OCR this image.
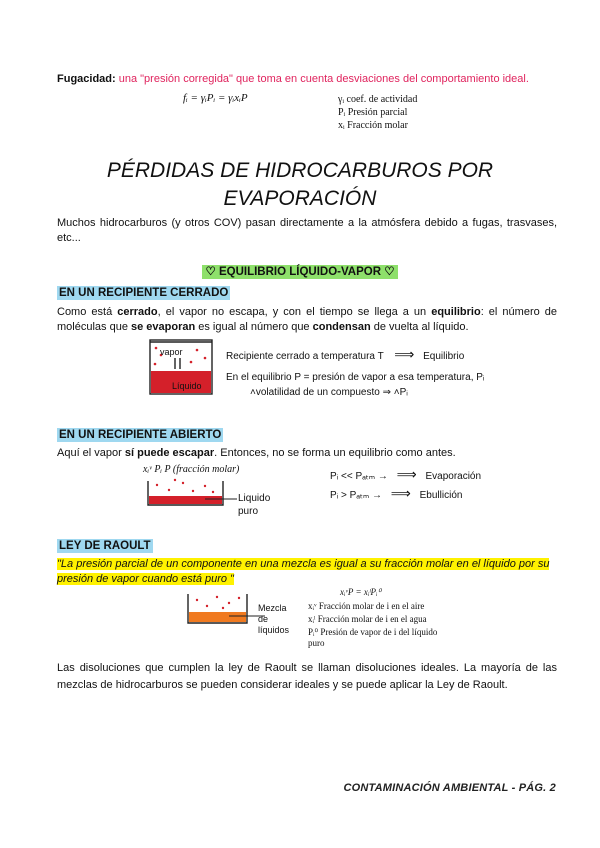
Fugacidad: una "presión corregida" que toma en cuenta desviaciones del comportamiento ideal.
fᵢ = γᵢPᵢ = γᵢxᵢP	γᵢ coef. de actividad
Pᵢ Presión parcial
xᵢ Fracción molar
PÉRDIDAS DE HIDROCARBUROS POR
EVAPORACIÓN
Muchos hidrocarburos (y otros COV) pasan directamente a la atmósfera debido a fugas, trasvases, etc...
♡ EQUILIBRIO LÍQUIDO-VAPOR ♡
EN UN RECIPIENTE CERRADO
Como está cerrado, el vapor no escapa, y con el tiempo se llega a un equilibrio: el número de moléculas que se evaporan es igual al número que condensan de vuelta al líquido.
vapor
Líquido
Recipiente cerrado a temperatura T ⟹ Equilibrio
En el equilibrio P = presión de vapor a esa temperatura, Pᵢ
˄volatilidad de un compuesto ⇒ ˄Pᵢ
EN UN RECIPIENTE ABIERTO
Aquí el vapor sí puede escapar. Entonces, no se forma un equilibrio como antes.
xᵢᵛ Pᵢ P (fracción molar)
Liquido puro
Pᵢ << Pₐₜₘ → ⟹ Evaporación
Pᵢ > Pₐₜₘ → ⟹ Ebullición
LEY DE RAOULT
"La presión parcial de un componente en una mezcla es igual a su fracción molar en el líquido por su presión de vapor cuando está puro "
xᵢᵛP = xᵢˡPᵢ⁰
Mezcla de líquidos
xᵢᵛ Fracción molar de i en el aire
xᵢˡ Fracción molar de i en el agua
Pᵢ⁰ Presión de vapor de i del líquido puro
Las disoluciones que cumplen la ley de Raoult se llaman disoluciones ideales. La mayoría de las mezclas de hidrocarburos se pueden considerar ideales y se puede aplicar la Ley de Raoult.
CONTAMINACIÓN AMBIENTAL - PÁG. 2
